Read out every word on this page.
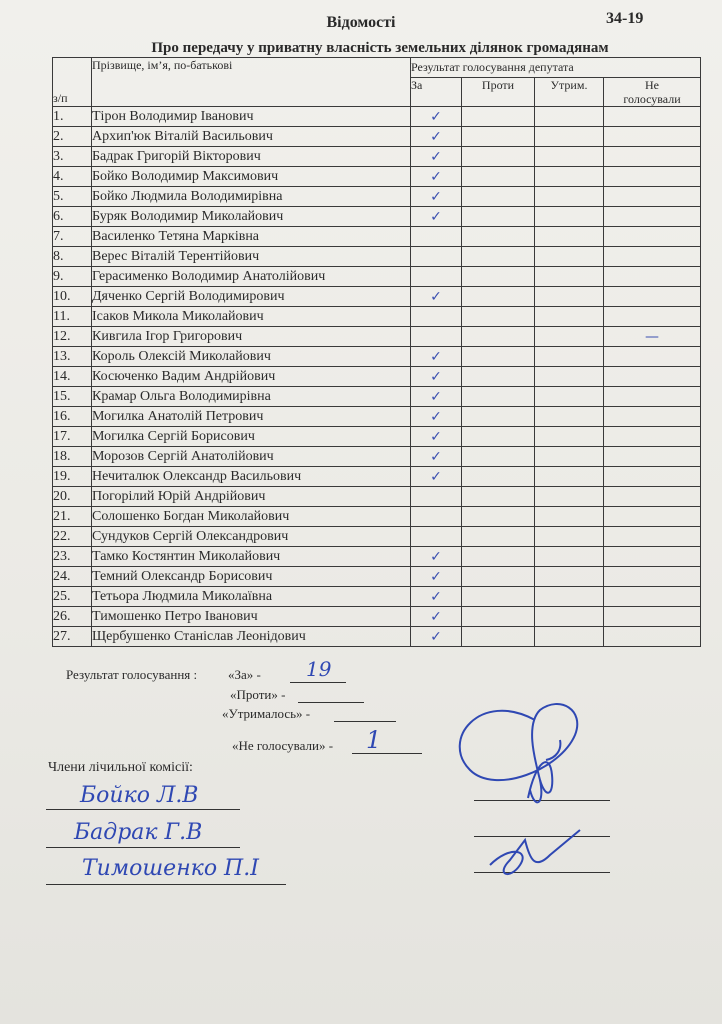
Відомості	34-19
Про передачу у приватну власність земельних ділянок громадянам
з/п	Прізвище, ім’я, по-батькові	Результат голосування депутата			
		За	Проти	Утрим.	Не
голосували

1.	Тірон Володимир Іванович	✓			
2.	Архип'юк Віталій Васильович	✓			
3.	Бадрак Григорій Вікторович	✓			
4.	Бойко Володимир Максимович	✓			
5.	Бойко Людмила Володимирівна	✓			
6.	Буряк Володимир Миколайович	✓			
7.	Василенко Тетяна Марківна				
8.	Верес Віталій Терентійович				
9.	Герасименко Володимир Анатолійович				
10.	Дяченко Сергій Володимирович	✓			
11.	Ісаков Микола Миколайович				
12.	Кивгила Ігор Григорович				—
13.	Король Олексій Миколайович	✓			
14.	Косюченко Вадим Андрійович	✓			
15.	Крамар Ольга Володимирівна	✓			
16.	Могилка Анатолій Петрович	✓			
17.	Могилка Сергій Борисович	✓			
18.	Морозов Сергій Анатолійович	✓			
19.	Нечиталюк Олександр Васильович	✓			
20.	Погорілий Юрій Андрійович				
21.	Солошенко Богдан Миколайович				
22.	Сундуков Сергій Олександрович				
23.	Тамко Костянтин Миколайович	✓			
24.	Темний Олександр Борисович	✓			
25.	Тетьора Людмила Миколаївна	✓			
26.	Тимошенко Петро Іванович	✓			
27.	Щербушенко Станіслав Леонідович	✓			
Результат голосування : «За» - 19
«Проти» -
«Утрималось» -
«Не голосували» - 1
Члени лічильної комісії:
Бойко Л.В
Бадрак Г.В
Тимошенко П.І
